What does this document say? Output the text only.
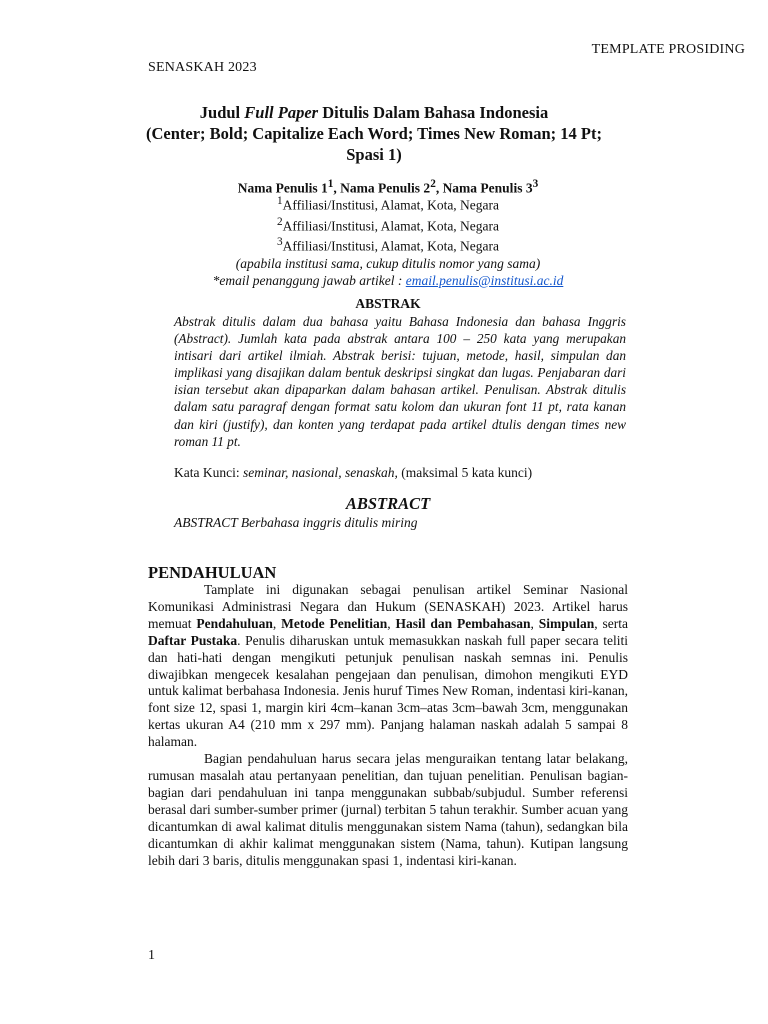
TEMPLATE PROSIDING
SENASKAH 2023
Judul Full Paper Ditulis Dalam Bahasa Indonesia
(Center; Bold; Capitalize Each Word; Times New Roman; 14 Pt;
Spasi 1)
Nama Penulis $1^1$, Nama Penulis $2^2$, Nama Penulis $3^3$
$^1$Affiliasi/Institusi, Alamat, Kota, Negara
$^2$Affiliasi/Institusi, Alamat, Kota, Negara
$^3$Affiliasi/Institusi, Alamat, Kota, Negara
(apabila institusi sama, cukup ditulis nomor yang sama)
*email penanggung jawab artikel : email.penulis@institusi.ac.id
ABSTRAK
Abstrak ditulis dalam dua bahasa yaitu Bahasa Indonesia dan bahasa Inggris (Abstract). Jumlah kata pada abstrak antara 100 – 250 kata yang merupakan intisari dari artikel ilmiah. Abstrak berisi: tujuan, metode, hasil, simpulan dan implikasi yang disajikan dalam bentuk deskripsi singkat dan lugas. Penjabaran dari isian tersebut akan dipaparkan dalam bahasan artikel. Penulisan. Abstrak ditulis dalam satu paragraf dengan format satu kolom dan ukuran font 11 pt, rata kanan dan kiri (justify), dan konten yang terdapat pada artikel dtulis dengan times new roman 11 pt.
Kata Kunci: seminar, nasional, senaskah, (maksimal 5 kata kunci)
ABSTRACT
ABSTRACT Berbahasa inggris ditulis miring
PENDAHULUAN

Tamplate ini digunakan sebagai penulisan artikel Seminar Nasional Komunikasi Administrasi Negara dan Hukum (SENASKAH) 2023. Artikel harus memuat Pendahuluan, Metode Penelitian, Hasil dan Pembahasan, Simpulan, serta Daftar Pustaka. Penulis diharuskan untuk memasukkan naskah full paper secara teliti dan hati-hati dengan mengikuti petunjuk penulisan naskah semnas ini. Penulis diwajibkan mengecek kesalahan pengejaan dan penulisan, dimohon mengikuti EYD untuk kalimat berbahasa Indonesia. Jenis huruf Times New Roman, indentasi kiri-kanan, font size 12, spasi 1, margin kiri 4cm–kanan 3cm–atas 3cm–bawah 3cm, menggunakan kertas ukuran A4 (210 mm x 297 mm). Panjang halaman naskah adalah 5 sampai 8 halaman.

Bagian pendahuluan harus secara jelas menguraikan tentang latar belakang, rumusan masalah atau pertanyaan penelitian, dan tujuan penelitian. Penulisan bagian-bagian dari pendahuluan ini tanpa menggunakan subbab/subjudul. Sumber referensi berasal dari sumber-sumber primer (jurnal) terbitan 5 tahun terakhir. Sumber acuan yang dicantumkan di awal kalimat ditulis menggunakan sistem Nama (tahun), sedangkan bila dicantumkan di akhir kalimat menggunakan sistem (Nama, tahun). Kutipan langsung lebih dari 3 baris, ditulis menggunakan spasi 1, indentasi kiri-kanan.

1
